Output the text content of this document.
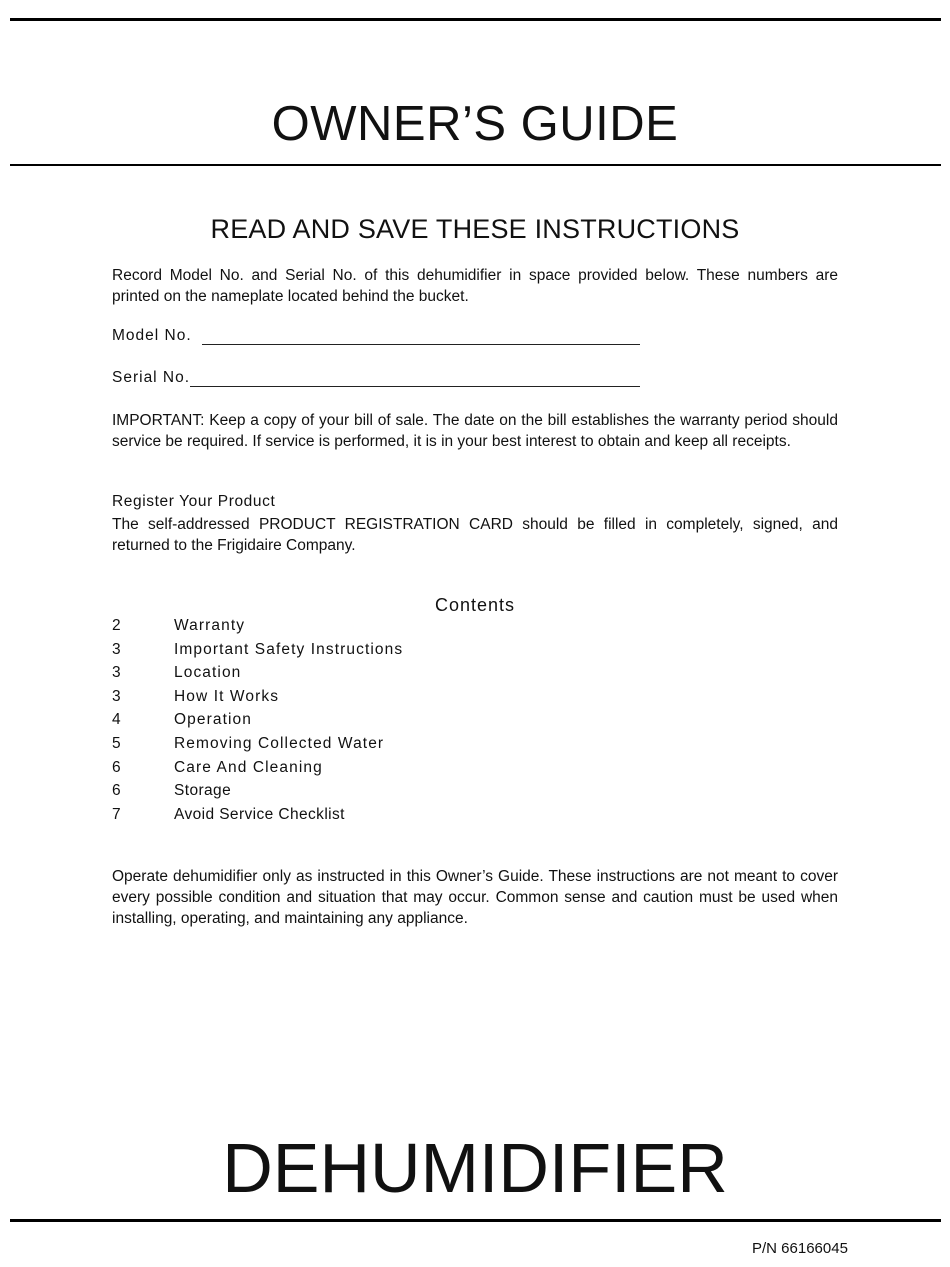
OWNER’S GUIDE
READ AND SAVE THESE INSTRUCTIONS

Record Model No. and Serial No. of this dehumidifier in space provided below. These numbers are printed on the nameplate located behind the bucket.

Model No.
Serial No.

IMPORTANT: Keep a copy of your bill of sale. The date on the bill establishes the warranty period should service be required. If service is performed, it is in your best interest to obtain and keep all receipts.

Register Your Product

The self-addressed PRODUCT REGISTRATION CARD should be filled in completely, signed, and returned to the Frigidaire Company.

Contents
2	Warranty
3	Important Safety Instructions
3	Location
3	How It Works
4	Operation
5	Removing Collected Water
6	Care And Cleaning
6	Storage
7	Avoid Service Checklist

Operate dehumidifier only as instructed in this Owner’s Guide. These instructions are not meant to cover every possible condition and situation that may occur. Common sense and caution must be used when installing, operating, and maintaining any appliance.

DEHUMIDIFIER
P/N 66166045
